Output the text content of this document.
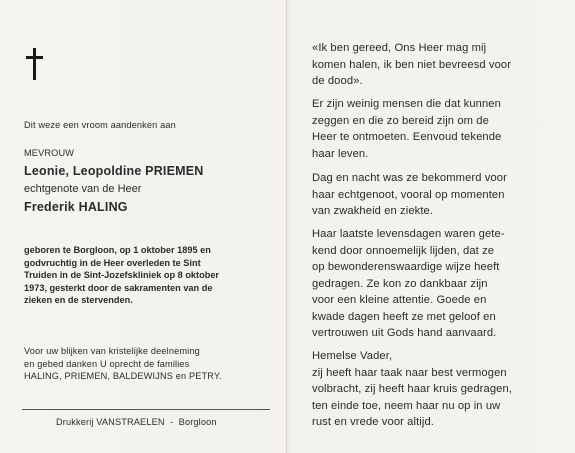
Dit weze een vroom aandenken aan
MEVROUW
Leonie, Leopoldine PRIEMEN
echtgenote van de Heer
Frederik HALING
geboren te Borgloon, op 1 oktober 1895 en
godvruchtig in de Heer overleden te Sint
Truiden in de Sint-Jozefskliniek op 8 oktober
1973, gesterkt door de sakramenten van de
zieken en de stervenden.
Voor uw blijken van kristelijke deelneming
en gebed danken U oprecht de families
HALING, PRIEMEN, BALDEWIJNS en PETRY.
Drukkerij VANSTRAELEN  -  Borgloon
«Ik ben gereed, Ons Heer mag mij
komen halen, ik ben niet bevreesd voor
de dood».
Er zijn weinig mensen die dat kunnen
zeggen en die zo bereid zijn om de
Heer te ontmoeten. Eenvoud tekende
haar leven.
Dag en nacht was ze bekommerd voor
haar echtgenoot, vooral op momenten
van zwakheid en ziekte.
Haar laatste levensdagen waren gete-
kend door onnoemelijk lijden, dat ze
op bewonderenswaardige wijze heeft
gedragen. Ze kon zo dankbaar zijn
voor een kleine attentie. Goede en
kwade dagen heeft ze met geloof en
vertrouwen uit Gods hand aanvaard.
Hemelse Vader,
zij heeft haar taak naar best vermogen
volbracht, zij heeft haar kruis gedragen,
ten einde toe, neem haar nu op in uw
rust en vrede voor altijd.
